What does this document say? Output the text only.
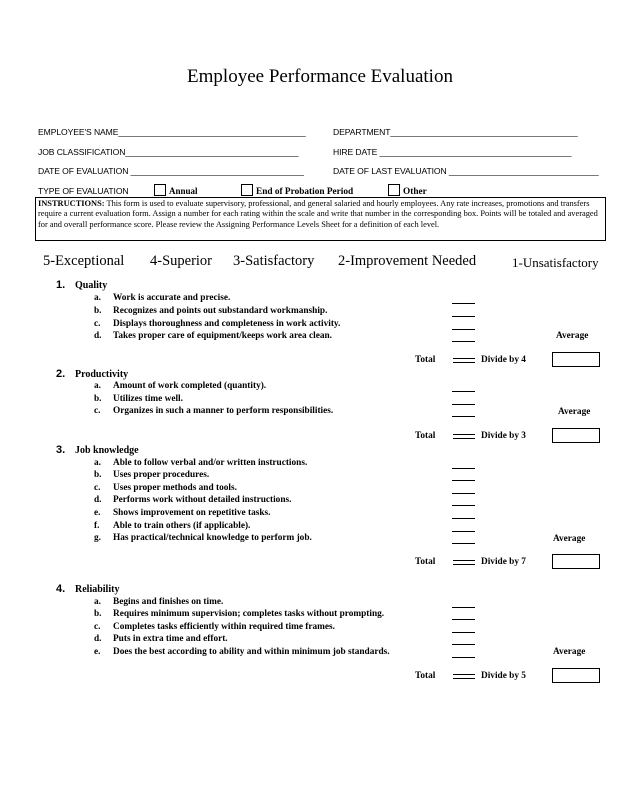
Employee Performance Evaluation
EMPLOYEE'S NAME________________________________________	DEPARTMENT________________________________________
JOB CLASSIFICATION_____________________________________	HIRE DATE _________________________________________
DATE OF EVALUATION _____________________________________	DATE OF LAST EVALUATION ________________________________
TYPE OF EVALUATION	Annual	End of Probation Period	Other
INSTRUCTIONS: This form is used to evaluate supervisory, professional, and general salaried and hourly employees. Any rate increases, promotions and transfers require a current evaluation form. Assign a number for each rating within the scale and write that number in the corresponding box. Points will be totaled and averaged for and overall performance score. Please review the Assigning Performance Levels Sheet for a definition of each level.
5-Exceptional 4-Superior 3-Satisfactory 2-Improvement Needed	1-Unsatisfactory
1. Quality
a. Work is accurate and precise.
b. Recognizes and points out substandard workmanship.
c. Displays thoroughness and completeness in work activity.
d. Takes proper care of equipment/keeps work area clean.	Average
Total	Divide by 4
2. Productivity
a. Amount of work completed (quantity).
b. Utilizes time well.
c. Organizes in such a manner to perform responsibilities.	Average
Total	Divide by 3
3. Job knowledge
a. Able to follow verbal and/or written instructions.
b. Uses proper procedures.
c. Uses proper methods and tools.
d. Performs work without detailed instructions.
e. Shows improvement on repetitive tasks.
f. Able to train others (if applicable).
g. Has practical/technical knowledge to perform job.	Average
Total	Divide by 7
4. Reliability
a. Begins and finishes on time.
b. Requires minimum supervision; completes tasks without prompting.
c. Completes tasks efficiently within required time frames.
d. Puts in extra time and effort.
e. Does the best according to ability and within minimum job standards.	Average
Total	Divide by 5
